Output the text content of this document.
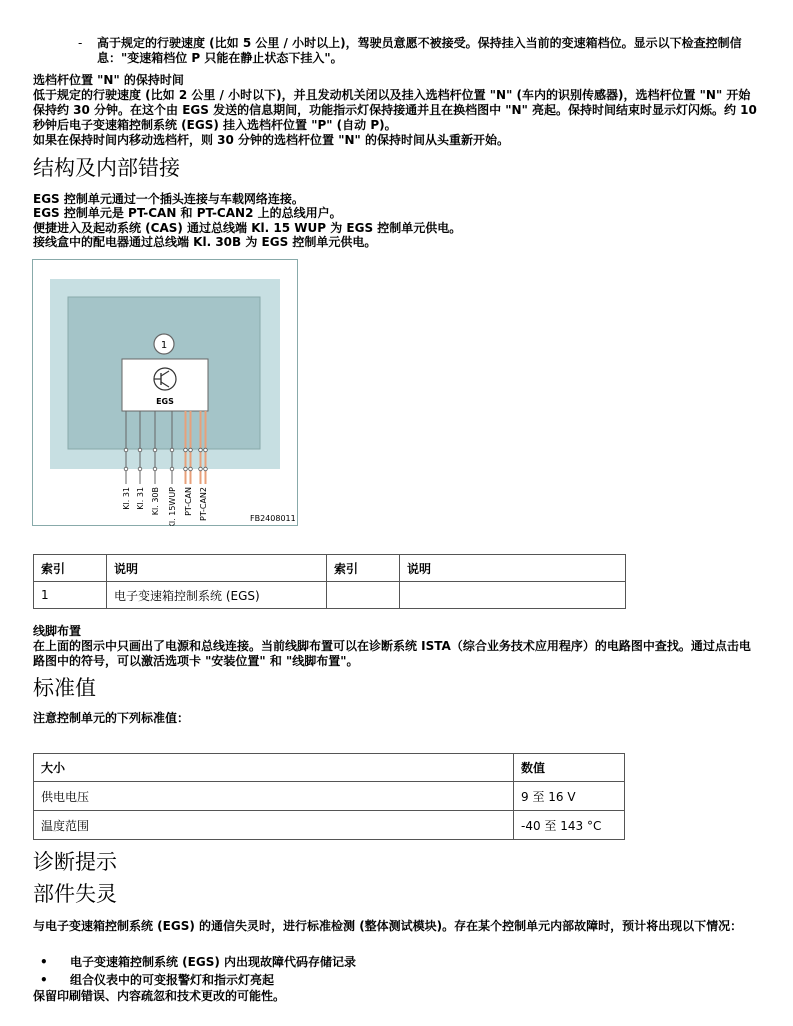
- 高于规定的行驶速度 (比如 5 公里 / 小时以上)，驾驶员意愿不被接受。保持挂入当前的变速箱档位。显示以下检查控制信息："变速箱档位 P 只能在静止状态下挂入"。
选档杆位置 "N" 的保持时间
低于规定的行驶速度 (比如 2 公里 / 小时以下)，并且发动机关闭以及挂入选档杆位置 "N" (车内的识别传感器)，选档杆位置 "N" 开始保持约 30 分钟。在这个由 EGS 发送的信息期间，功能指示灯保持接通并且在换档图中 "N" 亮起。保持时间结束时显示灯闪烁。约 10 秒钟后电子变速箱控制系统 (EGS) 挂入选档杆位置 "P" (自动 P)。
如果在保持时间内移动选档杆，则 30 分钟的选档杆位置 "N" 的保持时间从头重新开始。
结构及内部错接
EGS 控制单元通过一个插头连接与车载网络连接。
EGS 控制单元是 PT-CAN 和 PT-CAN2 上的总线用户。
便捷进入及起动系统 (CAS) 通过总线端 Kl. 15 WUP 为 EGS 控制单元供电。
接线盒中的配电器通过总线端 Kl. 30B 为 EGS 控制单元供电。
1
EGS
Kl. 31 Kl. 31 Kl. 30B Kl. 15WUP PT-CAN PT-CAN2	FB2408011
索引	说明	索引	说明
1	电子变速箱控制系统 (EGS)		
线脚布置
在上面的图示中只画出了电源和总线连接。当前线脚布置可以在诊断系统 ISTA（综合业务技术应用程序）的电路图中查找。通过点击电路图中的符号，可以激活选项卡 "安装位置" 和 "线脚布置"。
标准值
注意控制单元的下列标准值：
大小	数值
供电电压	9 至 16 V
温度范围	-40 至 143 °C
诊断提示
部件失灵
与电子变速箱控制系统 (EGS) 的通信失灵时，进行标准检测 (整体测试模块)。存在某个控制单元内部故障时，预计将出现以下情况：
• 电子变速箱控制系统 (EGS) 内出现故障代码存储记录
• 组合仪表中的可变报警灯和指示灯亮起
保留印刷错误、内容疏忽和技术更改的可能性。
